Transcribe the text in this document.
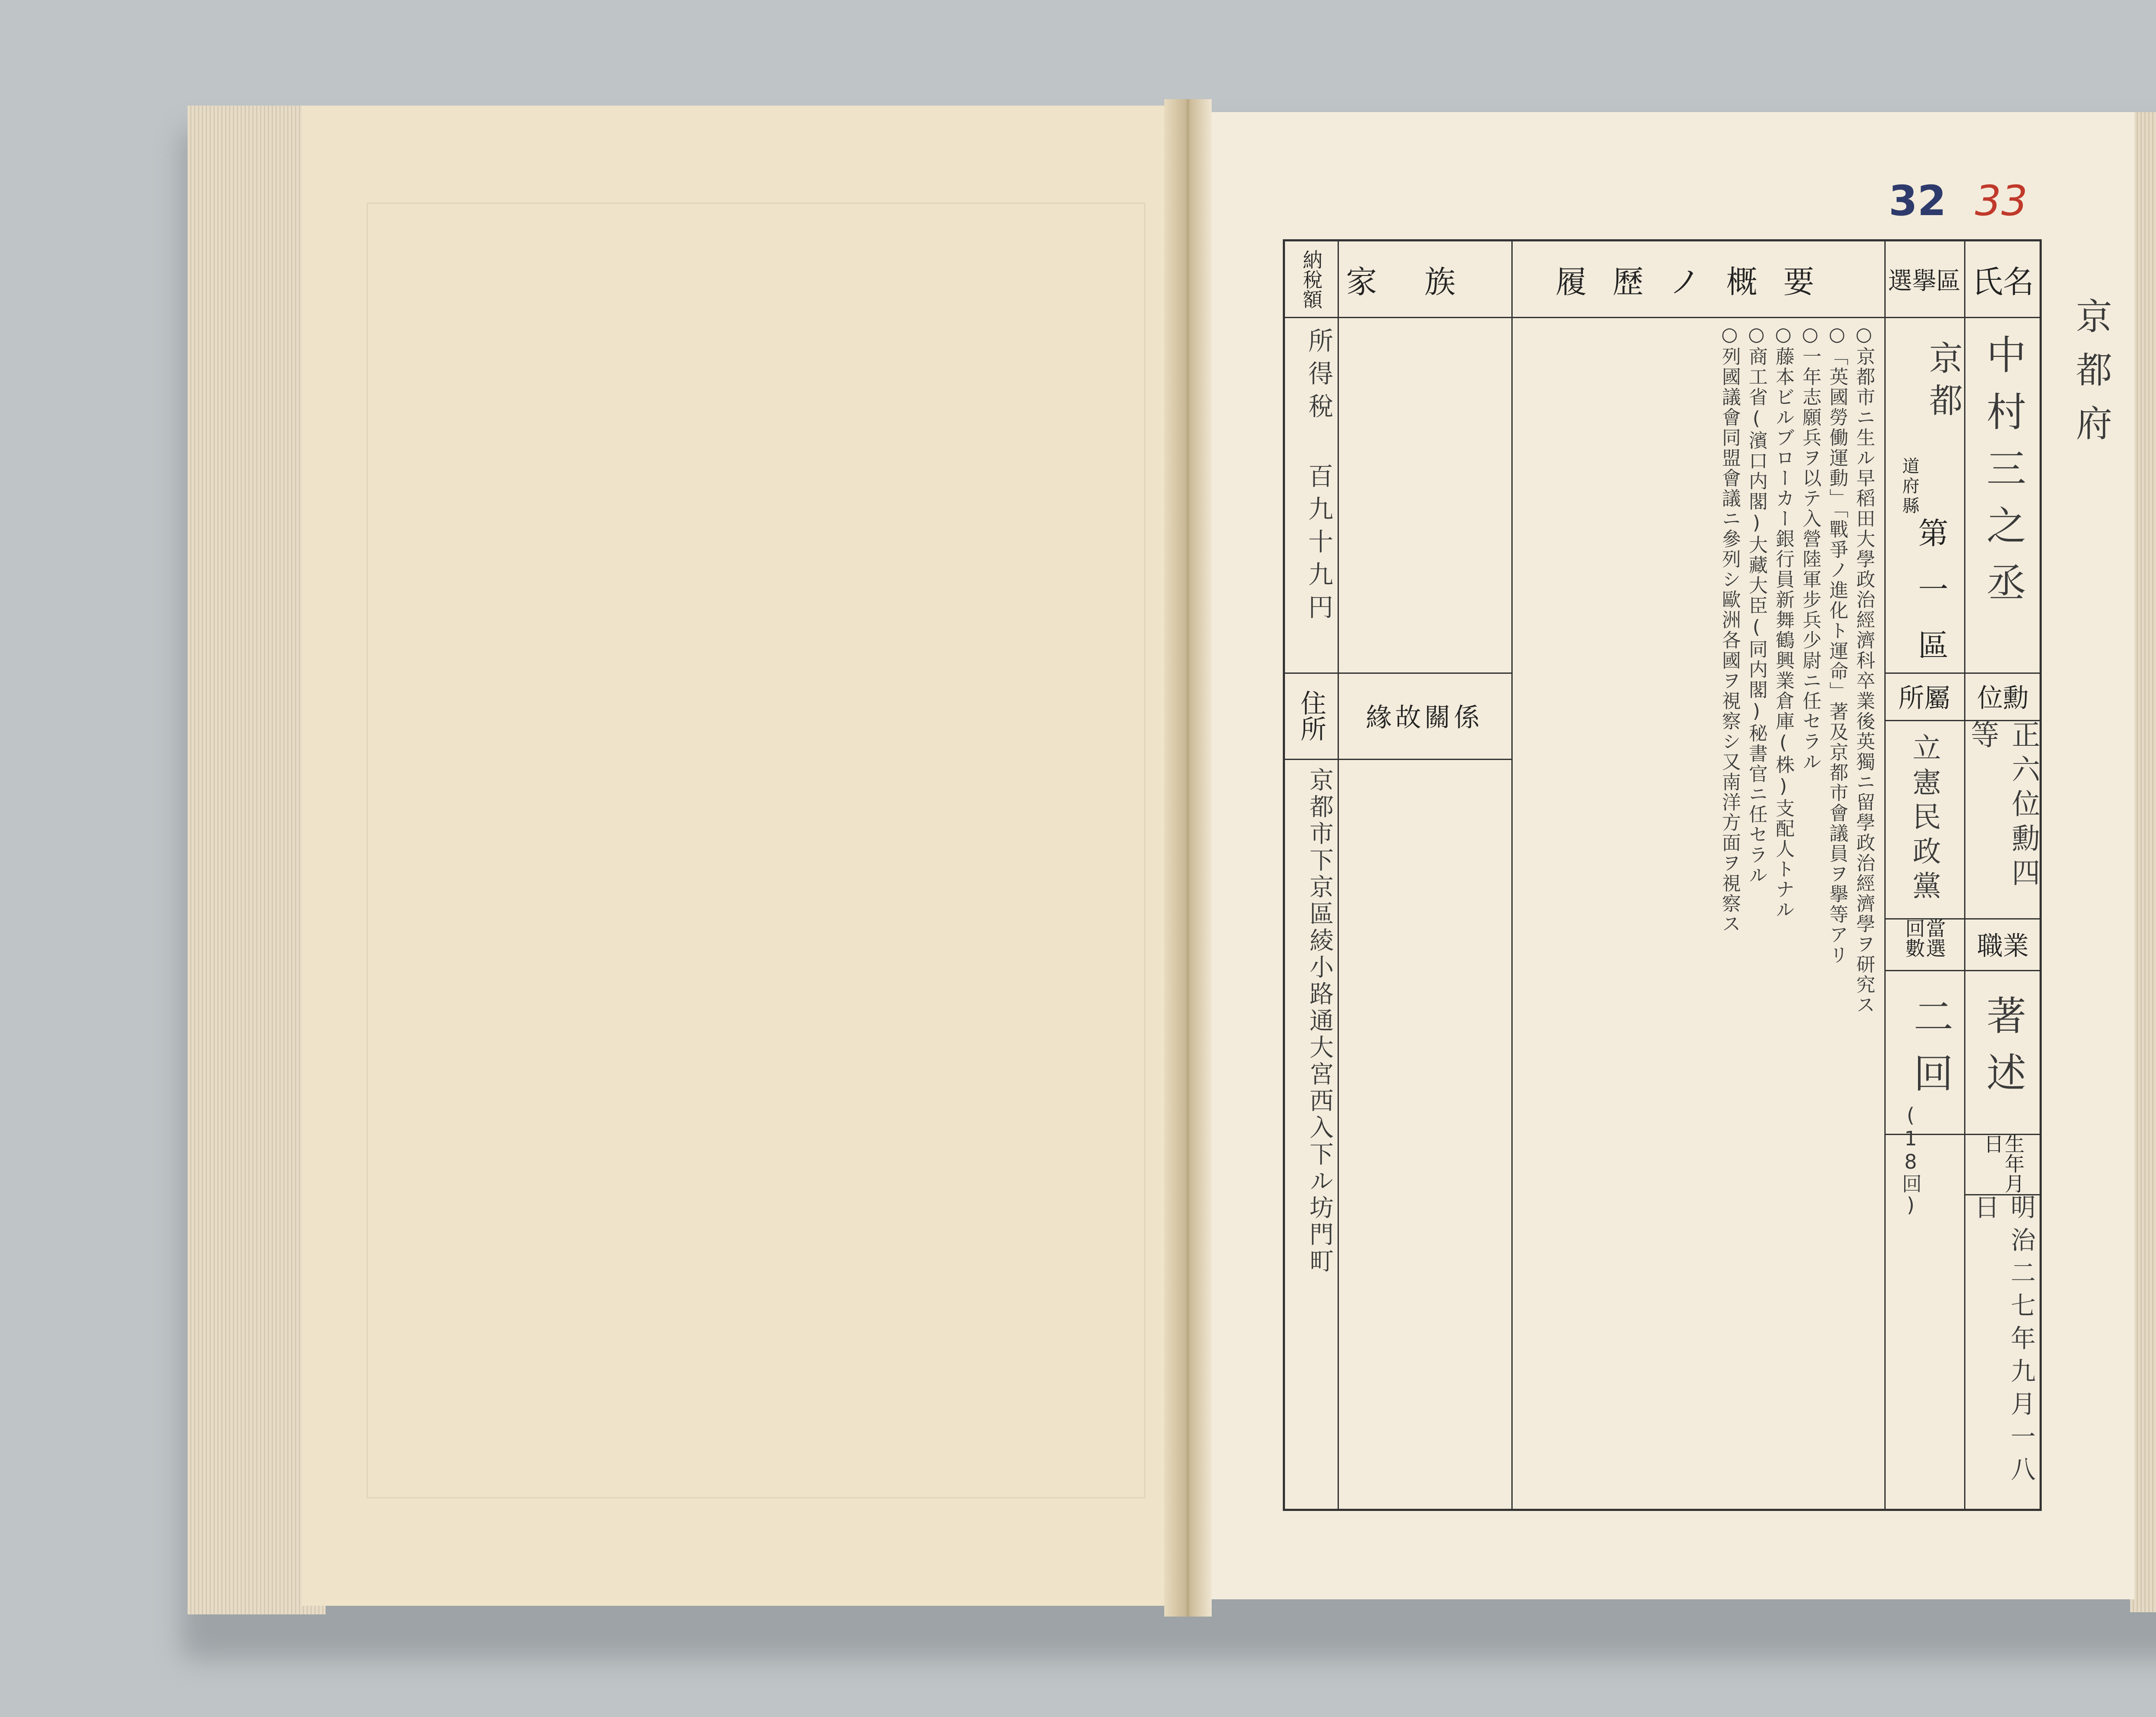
32 33
京都府
氏名
選擧區
履歷ノ概要
家族
納稅額
位勳
所屬
職業
當選回數
生年月日
緣故關係
住所
中村三之丞
京都
道府縣
第一區
正六位勳四等
立憲民政黨
著述
二回
(18回)
明治二七年九月一八日
所得稅 百九十九円
京都市下京區綾小路通大宮西入下ル坊門町
○京都市ニ生ル早稻田大學政治經濟科卒業後英獨ニ留學政治經濟學ヲ研究ス
○「英國勞働運動」「戰爭ノ進化ト運命」著及京都市會議員ヲ擧等アリ
○一年志願兵ヲ以テ入營陸軍步兵少尉ニ任セラル
○藤本ビルブローカー銀行員新舞鶴興業倉庫(株)支配人トナル
○商工省(濱口内閣)大藏大臣(同内閣)秘書官ニ任セラル
○列國議會同盟會議ニ參列シ歐洲各國ヲ視察シ又南洋方面ヲ視察ス
